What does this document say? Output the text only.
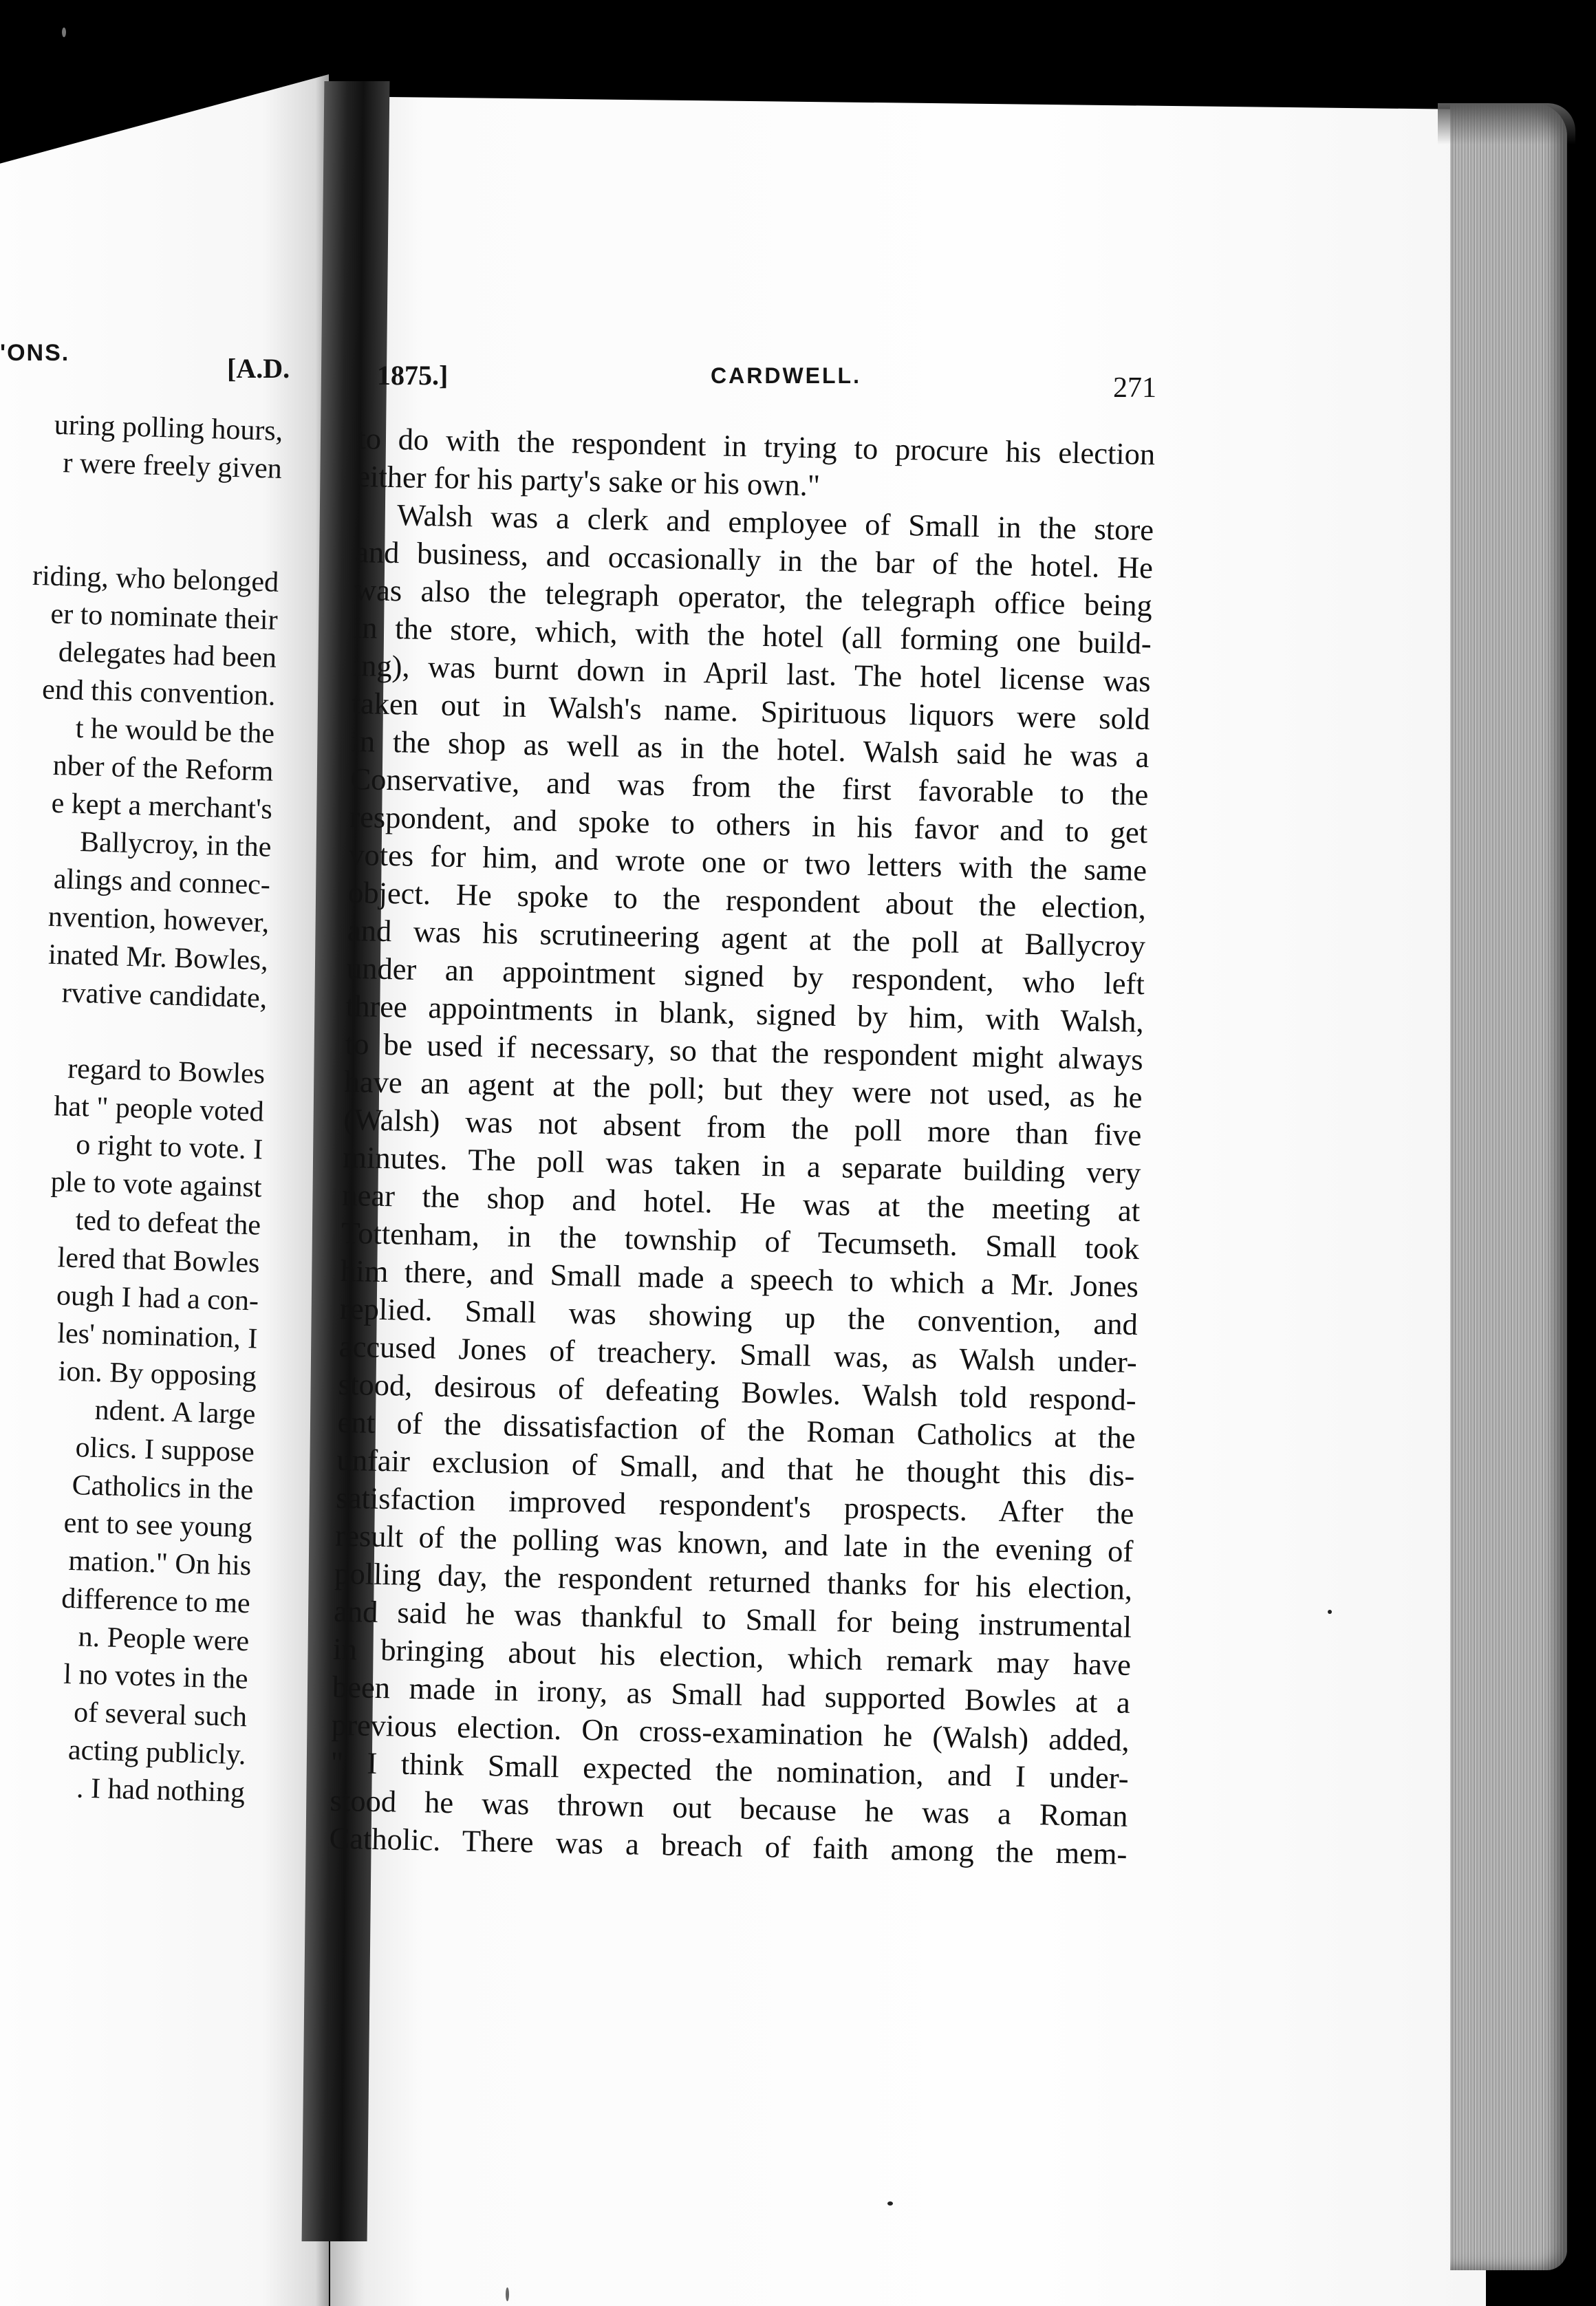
'ONS.	[A.D.	1875.]	CARDWELL.	271
uring polling hours,
r were freely given
riding, who belonged
er to nominate their
delegates had been
end this convention.
t he would be the
nber of the Reform
e kept a merchant's
Ballycroy, in the
alings and connec-
nvention, however,
inated Mr. Bowles,
rvative candidate,
regard to Bowles
hat " people voted
o right to vote. I
ple to vote against
ted to defeat the
lered that Bowles
ough I had a con-
les' nomination, I
ion. By opposing
ndent. A large
olics. I suppose
Catholics in the
ent to see young
mation." On his
difference to me
n. People were
l no votes in the
of several such
acting publicly.
. I had nothing
to do with the respondent in trying to procure his election
either for his party's sake or his own."
Walsh was a clerk and employee of Small in the store
and business, and occasionally in the bar of the hotel. He
was also the telegraph operator, the telegraph office being
in the store, which, with the hotel (all forming one build-
ing), was burnt down in April last. The hotel license was
taken out in Walsh's name. Spirituous liquors were sold
in the shop as well as in the hotel. Walsh said he was a
Conservative, and was from the first favorable to the
respondent, and spoke to others in his favor and to get
votes for him, and wrote one or two letters with the same
object. He spoke to the respondent about the election,
and was his scrutineering agent at the poll at Ballycroy
under an appointment signed by respondent, who left
three appointments in blank, signed by him, with Walsh,
to be used if necessary, so that the respondent might always
have an agent at the poll; but they were not used, as he
(Walsh) was not absent from the poll more than five
minutes. The poll was taken in a separate building very
near the shop and hotel. He was at the meeting at
Tottenham, in the township of Tecumseth. Small took
him there, and Small made a speech to which a Mr. Jones
replied. Small was showing up the convention, and
accused Jones of treachery. Small was, as Walsh under-
stood, desirous of defeating Bowles. Walsh told respond-
ent of the dissatisfaction of the Roman Catholics at the
unfair exclusion of Small, and that he thought this dis-
satisfaction improved respondent's prospects. After the
result of the polling was known, and late in the evening of
polling day, the respondent returned thanks for his election,
and said he was thankful to Small for being instrumental
in bringing about his election, which remark may have
been made in irony, as Small had supported Bowles at a
previous election. On cross-examination he (Walsh) added,
" I think Small expected the nomination, and I under-
stood he was thrown out because he was a Roman
Catholic. There was a breach of faith among the mem-
